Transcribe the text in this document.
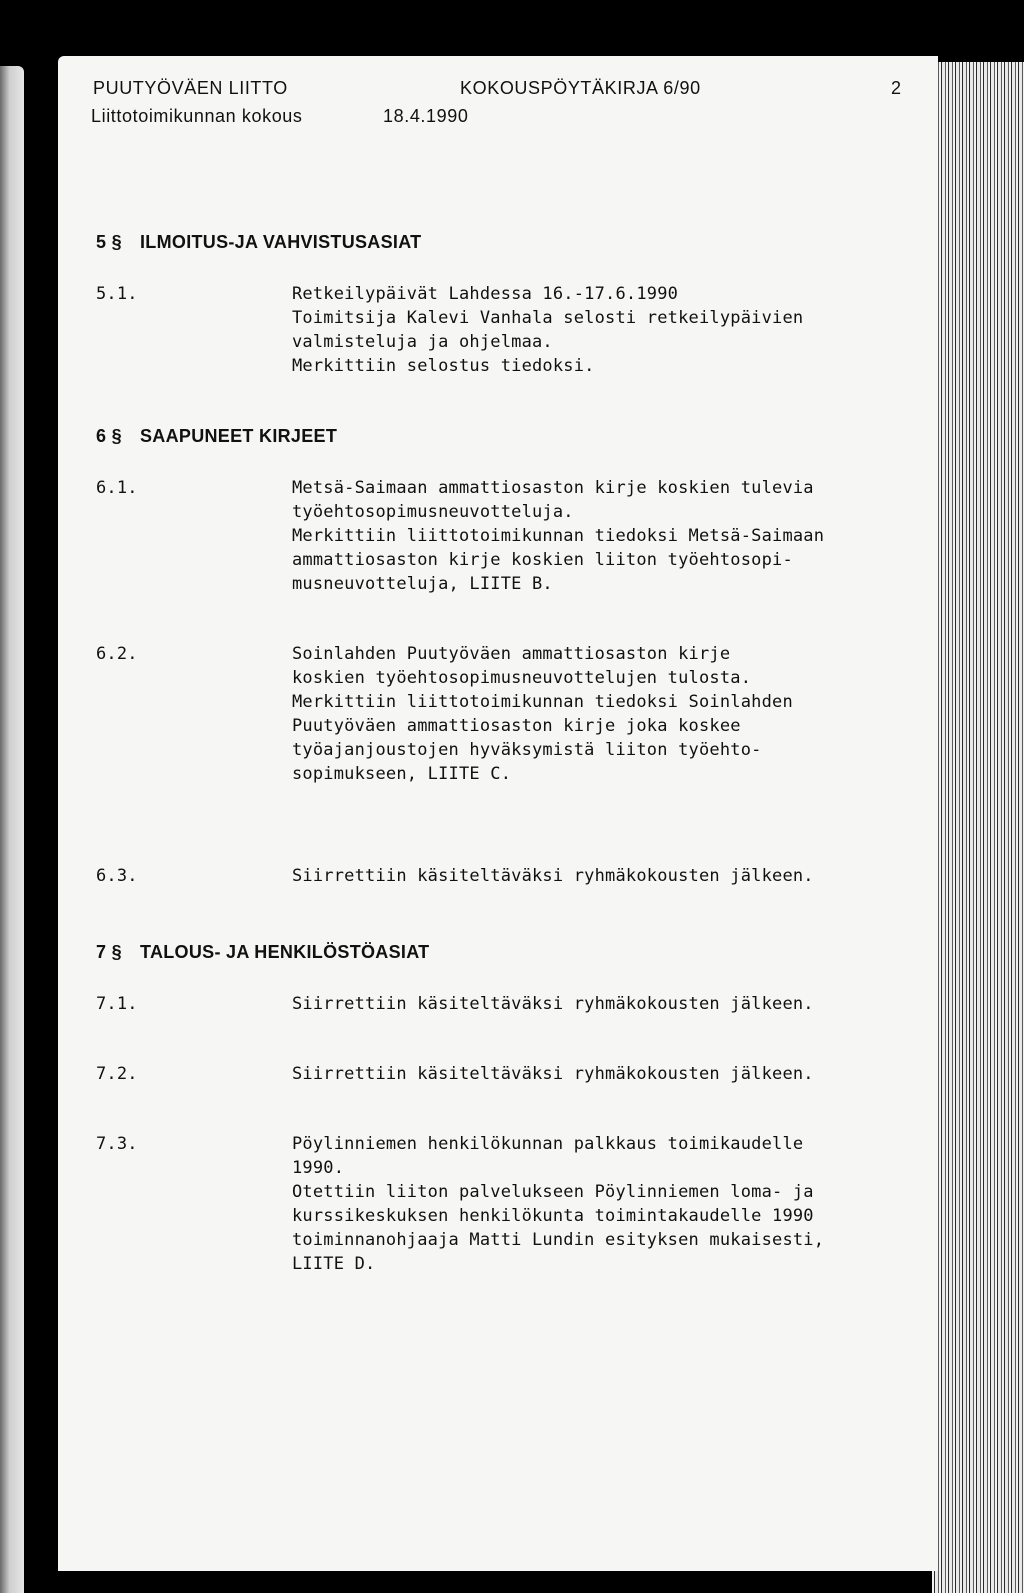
PUUTYÖVÄEN LIITTO	KOKOUSPÖYTÄKIRJA 6/90	2
Liittotoimikunnan kokous	18.4.1990
5 § ILMOITUS-JA VAHVISTUSASIAT
5.1.	Retkeilypäivät Lahdessa 16.-17.6.1990
Toimitsija Kalevi Vanhala selosti retkeilypäivien
valmisteluja ja ohjelmaa.
Merkittiin selostus tiedoksi.
6 § SAAPUNEET KIRJEET
6.1.	Metsä-Saimaan ammattiosaston kirje koskien tulevia
työehtosopimusneuvotteluja.
Merkittiin liittotoimikunnan tiedoksi Metsä-Saimaan
ammattiosaston kirje koskien liiton työehtosopi-
musneuvotteluja, LIITE B.
6.2.	Soinlahden Puutyöväen ammattiosaston kirje
koskien työehtosopimusneuvottelujen tulosta.
Merkittiin liittotoimikunnan tiedoksi Soinlahden
Puutyöväen ammattiosaston kirje joka koskee
työajanjoustojen hyväksymistä liiton työehto-
sopimukseen, LIITE C.
6.3.	Siirrettiin käsiteltäväksi ryhmäkokousten jälkeen.
7 § TALOUS- JA HENKILÖSTÖASIAT
7.1.	Siirrettiin käsiteltäväksi ryhmäkokousten jälkeen.
7.2.	Siirrettiin käsiteltäväksi ryhmäkokousten jälkeen.
7.3.	Pöylinniemen henkilökunnan palkkaus toimikaudelle
1990.
Otettiin liiton palvelukseen Pöylinniemen loma- ja
kurssikeskuksen henkilökunta toimintakaudelle 1990
toiminnanohjaaja Matti Lundin esityksen mukaisesti,
LIITE D.
